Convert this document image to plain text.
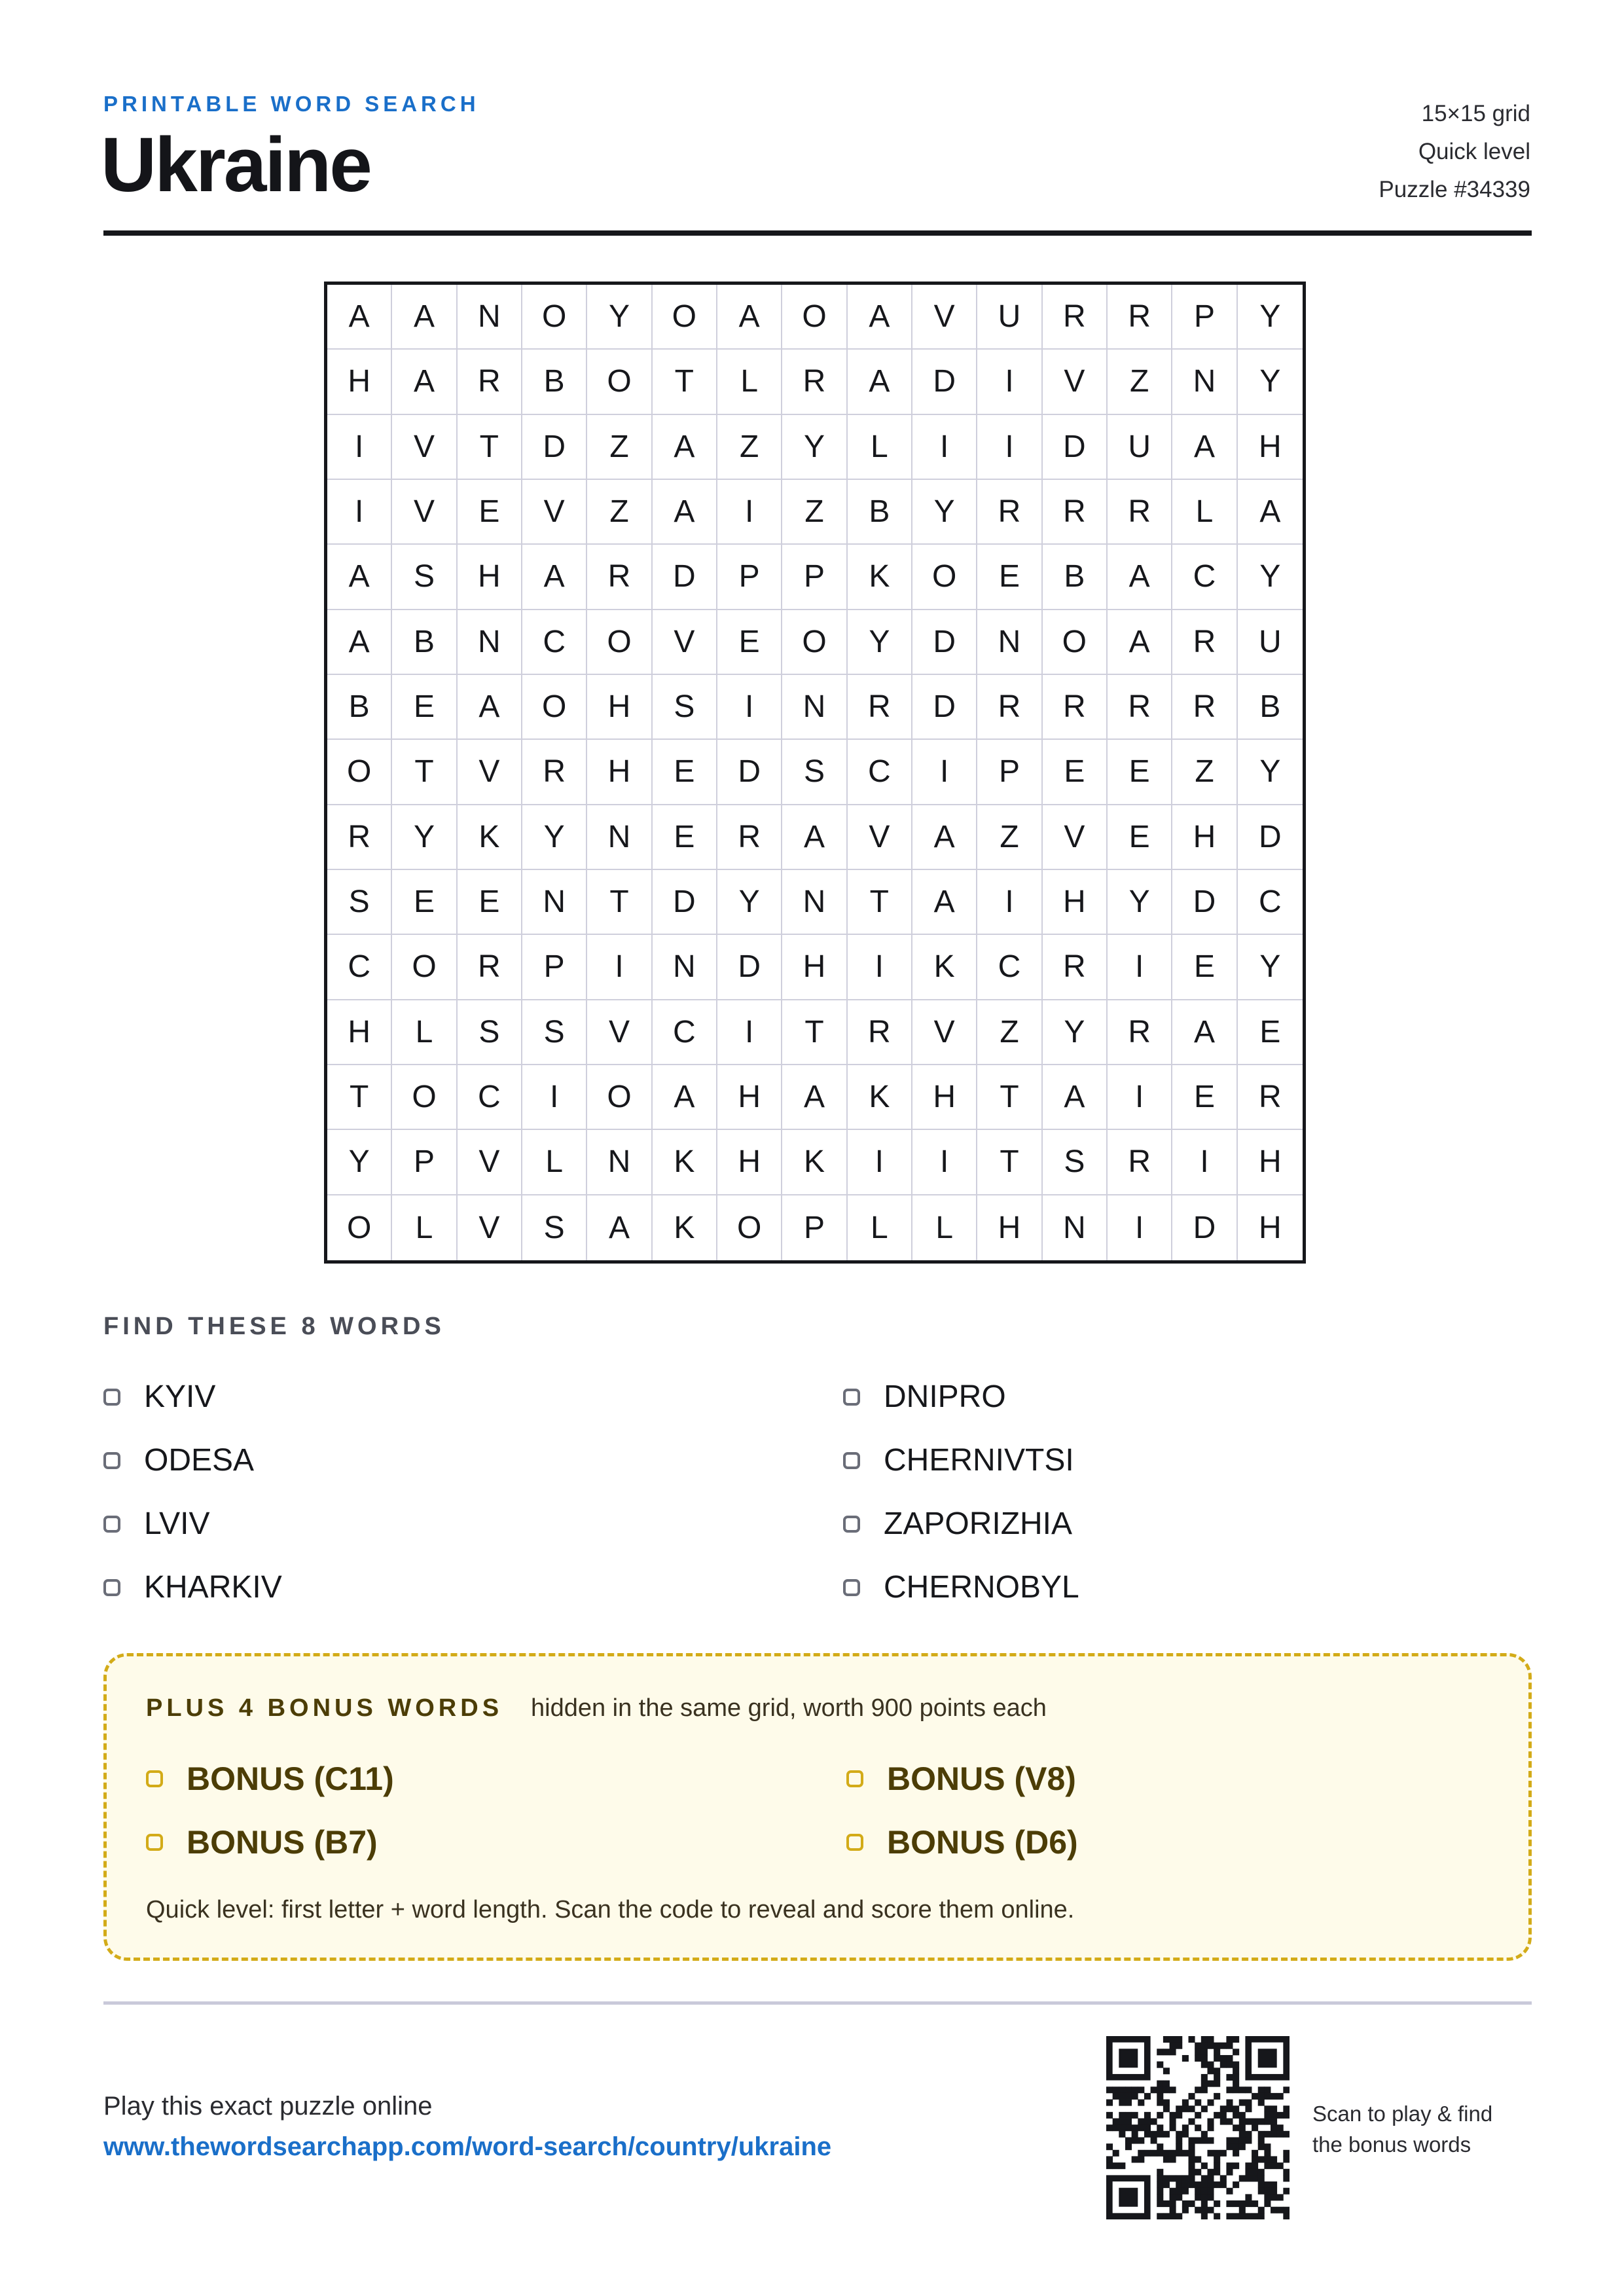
PRINTABLE WORD SEARCH
Ukraine
15×15 grid
Quick level
Puzzle #34339
A	A	N	O	Y	O	A	O	A	V	U	R	R	P	Y
H	A	R	B	O	T	L	R	A	D	I	V	Z	N	Y
I	V	T	D	Z	A	Z	Y	L	I	I	D	U	A	H
I	V	E	V	Z	A	I	Z	B	Y	R	R	R	L	A
A	S	H	A	R	D	P	P	K	O	E	B	A	C	Y
A	B	N	C	O	V	E	O	Y	D	N	O	A	R	U
B	E	A	O	H	S	I	N	R	D	R	R	R	R	B
O	T	V	R	H	E	D	S	C	I	P	E	E	Z	Y
R	Y	K	Y	N	E	R	A	V	A	Z	V	E	H	D
S	E	E	N	T	D	Y	N	T	A	I	H	Y	D	C
C	O	R	P	I	N	D	H	I	K	C	R	I	E	Y
H	L	S	S	V	C	I	T	R	V	Z	Y	R	A	E
T	O	C	I	O	A	H	A	K	H	T	A	I	E	R
Y	P	V	L	N	K	H	K	I	I	T	S	R	I	H
O	L	V	S	A	K	O	P	L	L	H	N	I	D	H
FIND THESE 8 WORDS
KYIV	DNIPRO
ODESA	CHERNIVTSI
LVIV	ZAPORIZHIA
KHARKIV	CHERNOBYL
PLUS 4 BONUS WORDS hidden in the same grid, worth 900 points each
BONUS (C11)	BONUS (V8)
BONUS (B7)	BONUS (D6)
Quick level: first letter + word length. Scan the code to reveal and score them online.
Play this exact puzzle online
www.thewordsearchapp.com/word-search/country/ukraine
Scan to play & find
the bonus words
